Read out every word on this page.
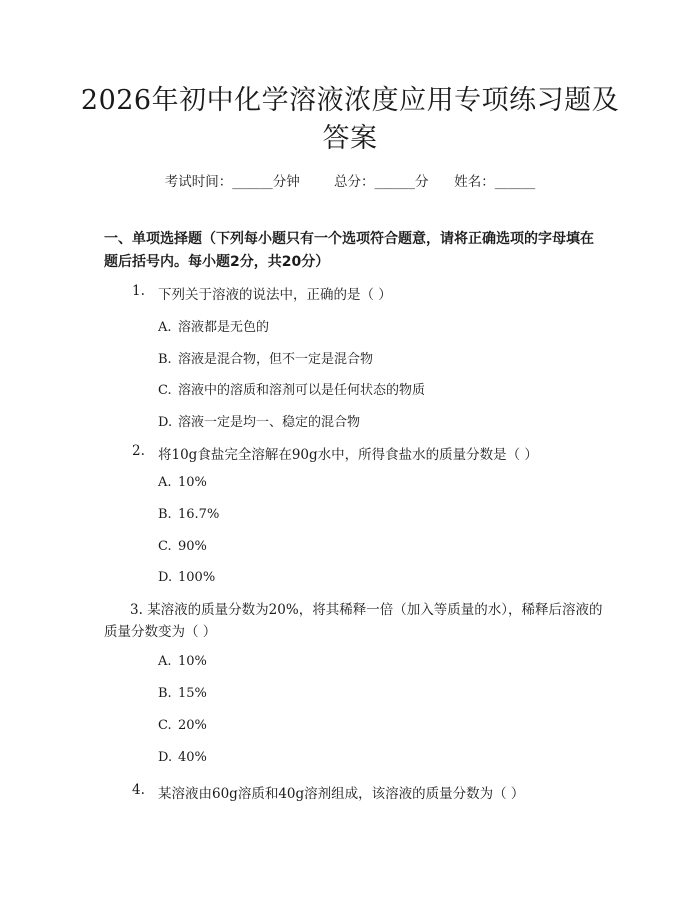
2026年初中化学溶液浓度应用专项练习题及答案
考试时间：______分钟	总分：______分 姓名：______
一、单项选择题（下列每小题只有一个选项符合题意，请将正确选项的字母填在题后括号内。每小题2分，共20分）
1. 下列关于溶液的说法中，正确的是（ ）
A. 溶液都是无色的
B. 溶液是混合物，但不一定是混合物
C. 溶液中的溶质和溶剂可以是任何状态的物质
D. 溶液一定是均一、稳定的混合物
2. 将10g食盐完全溶解在90g水中，所得食盐水的质量分数是（ ）
A. 10%
B. 16.7%
C. 90%
D. 100%
3. 某溶液的质量分数为20%，将其稀释一倍（加入等质量的水），稀释后溶液的质量分数变为（ ）
A. 10%
B. 15%
C. 20%
D. 40%
4. 某溶液由60g溶质和40g溶剂组成，该溶液的质量分数为（ ）
